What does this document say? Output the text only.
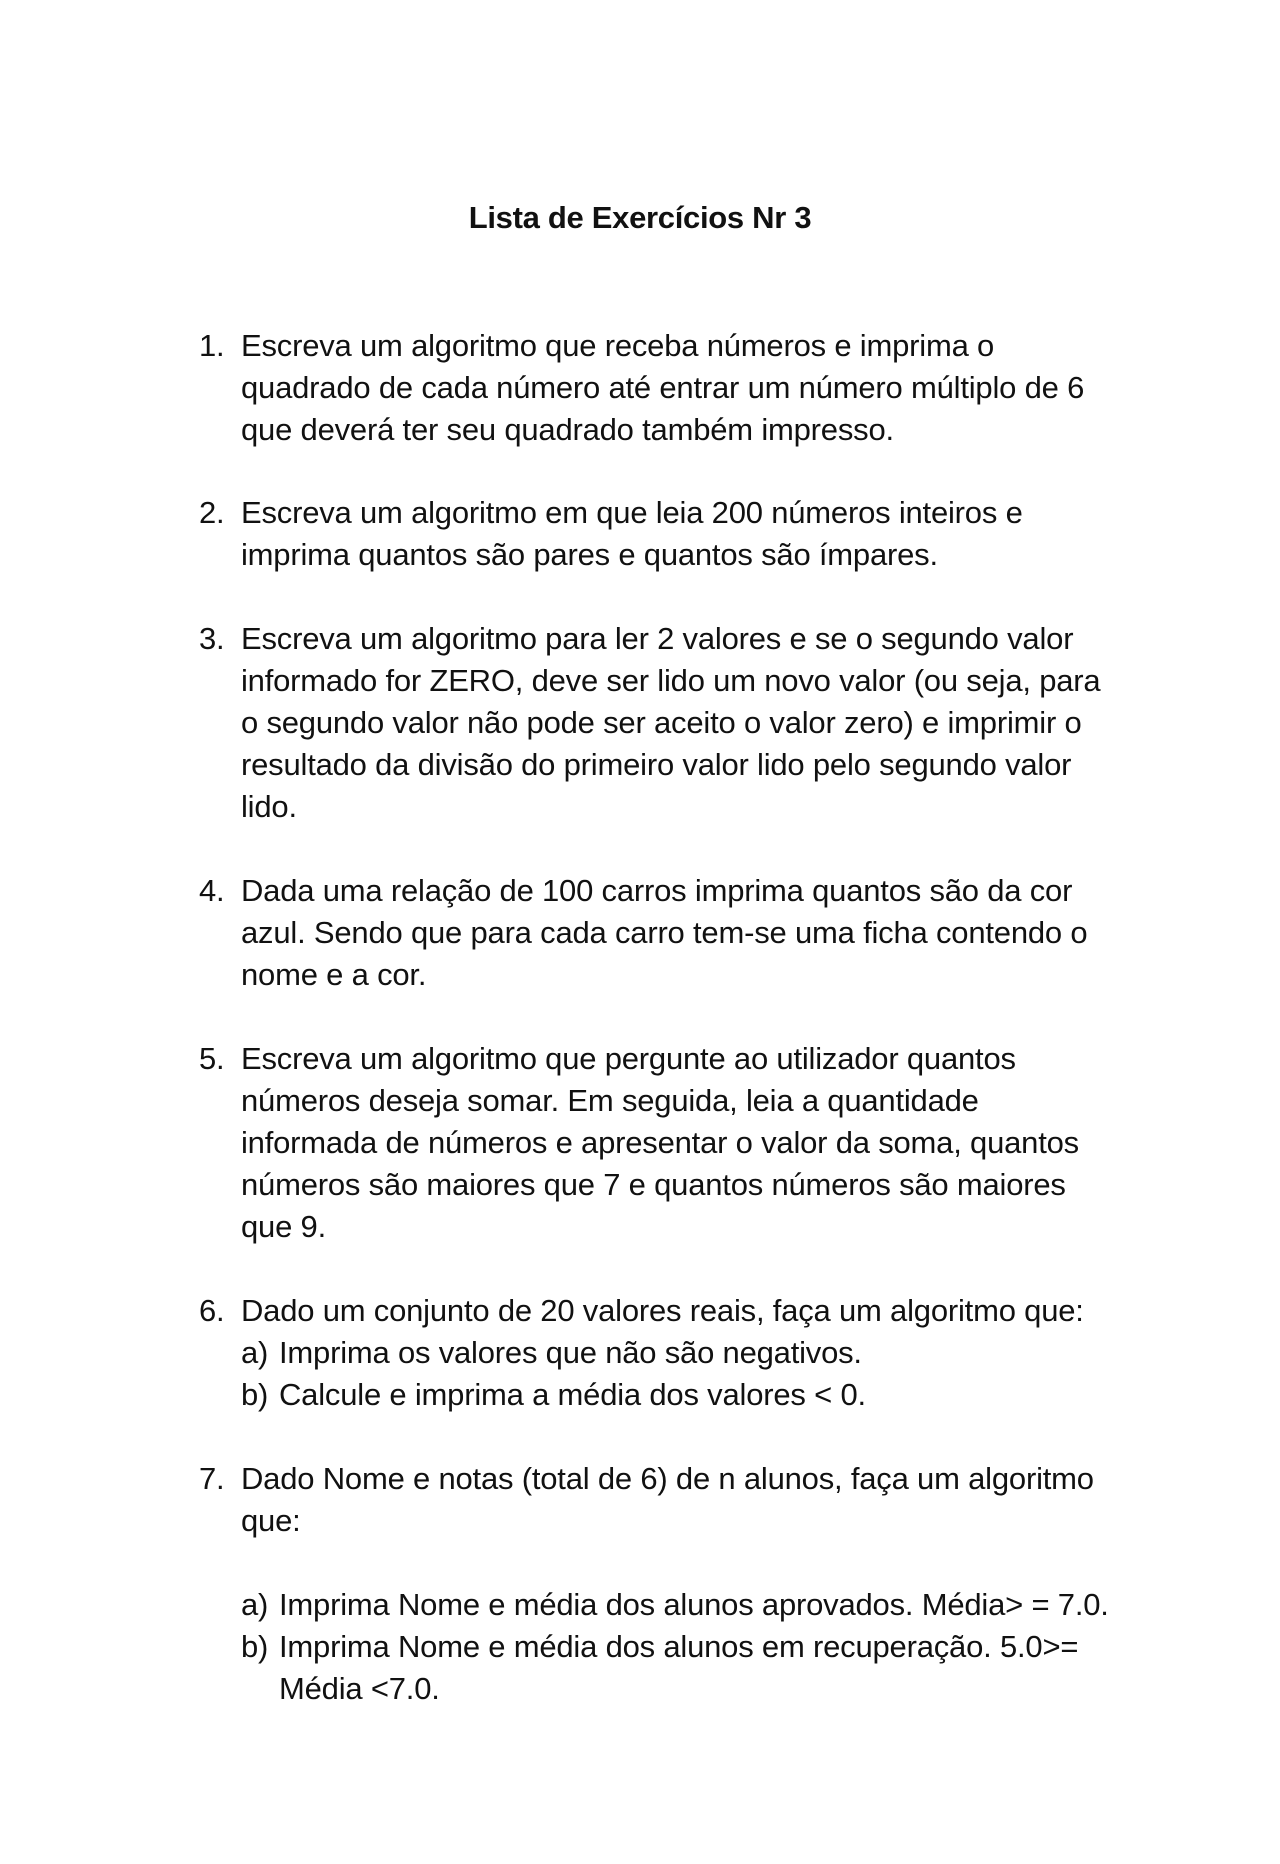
Lista de Exercícios Nr 3
1. Escreva um algoritmo que receba números e imprima o quadrado de cada número até entrar um número múltiplo de 6 que deverá ter seu quadrado também impresso.
2. Escreva um algoritmo em que leia 200 números inteiros e imprima quantos são pares e quantos são ímpares.
3. Escreva um algoritmo para ler 2 valores e se o segundo valor informado for ZERO, deve ser lido um novo valor (ou seja, para o segundo valor não pode ser aceito o valor zero) e imprimir o resultado da divisão do primeiro valor lido pelo segundo valor lido.
4. Dada uma relação de 100 carros imprima quantos são da cor azul. Sendo que para cada carro tem-se uma ficha contendo o nome e a cor.
5. Escreva um algoritmo que pergunte ao utilizador quantos números deseja somar. Em seguida, leia a quantidade informada de números e apresentar o valor da soma, quantos números são maiores que 7 e quantos números são maiores que 9.
6. Dado um conjunto de 20 valores reais, faça um algoritmo que:
a) Imprima os valores que não são negativos.
b) Calcule e imprima a média dos valores < 0.
7. Dado Nome e notas (total de 6) de n alunos, faça um algoritmo que:
a) Imprima Nome e média dos alunos aprovados. Média> = 7.0.
b) Imprima Nome e média dos alunos em recuperação. 5.0>= Média <7.0.
